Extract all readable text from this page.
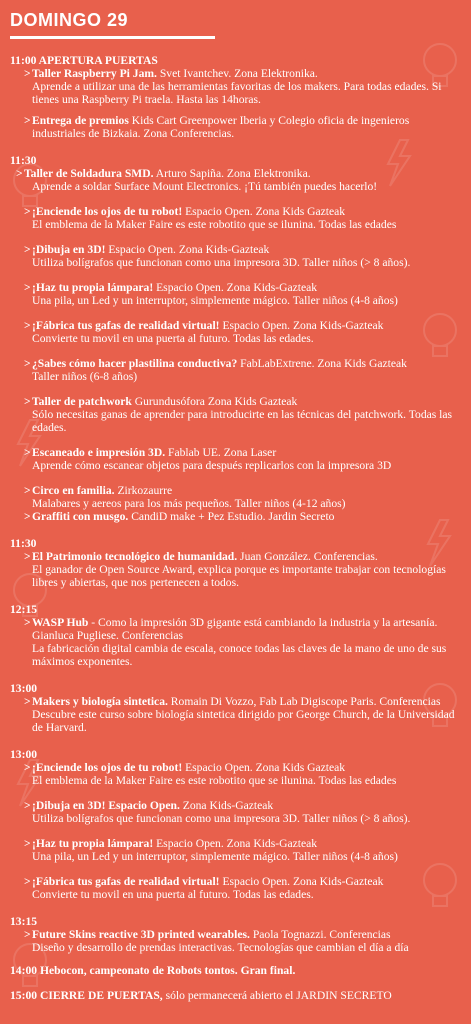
DOMINGO 29
11:00 APERTURA PUERTAS
> Taller Raspberry Pi Jam. Svet Ivantchev. Zona Elektronika.
Aprende a utilizar una de las herramientas favoritas de los makers. Para todas edades. Si tienes una Raspberry Pi traela. Hasta las 14horas.
> Entrega de premios Kids Cart Greenpower Iberia y Colegio oficia de ingenieros industriales de Bizkaia. Zona Conferencias.
11:30
> Taller de Soldadura SMD. Arturo Sapiña. Zona Elektronika.
Aprende a soldar Surface Mount Electronics. ¡Tú también puedes hacerlo!
> ¡Enciende los ojos de tu robot! Espacio Open. Zona Kids Gazteak
El emblema de la Maker Faire es este robotito que se ilunina. Todas las edades
> ¡Dibuja en 3D! Espacio Open. Zona Kids-Gazteak
Utiliza bolígrafos que funcionan como una impresora 3D. Taller niños (> 8 años).
> ¡Haz tu propia lámpara! Espacio Open. Zona Kids-Gazteak
Una pila, un Led y un interruptor, simplemente mágico. Taller niños (4-8 años)
> ¡Fábrica tus gafas de realidad virtual! Espacio Open. Zona Kids-Gazteak
Convierte tu movil en una puerta al futuro. Todas las edades.
> ¿Sabes cómo hacer plastilina conductiva? FabLabExtrene. Zona Kids Gazteak
Taller niños (6-8 años)
> Taller de patchwork Gurundusófora Zona Kids Gazteak
Sólo necesitas ganas de aprender para introducirte en las técnicas del patchwork. Todas las edades.
> Escaneado e impresión 3D. Fablab UE. Zona Laser
Aprende cómo escanear objetos para después replicarlos con la impresora 3D
> Circo en familia. Zirkozaurre
Malabares y aereos para los más pequeños. Taller niños (4-12 años)
> Graffiti con musgo. CandiD make + Pez Estudio. Jardin Secreto
11:30
> El Patrimonio tecnológico de humanidad. Juan González. Conferencias.
El ganador de Open Source Award, explica porque es importante trabajar con tecnologías libres y abiertas, que nos pertenecen a todos.
12:15
> WASP Hub - Como la impresión 3D gigante está cambiando la industria y la artesanía. Gianluca Pugliese. Conferencias
La fabricación digital cambia de escala, conoce todas las claves de la mano de uno de sus máximos exponentes.
13:00
> Makers y biología sintetica. Romain Di Vozzo, Fab Lab Digiscope Paris. Conferencias
Descubre este curso sobre biología sintetica dirigido por George Church, de la Universidad de Harvard.
13:00
> ¡Enciende los ojos de tu robot! Espacio Open. Zona Kids Gazteak
El emblema de la Maker Faire es este robotito que se ilunina. Todas las edades
> ¡Dibuja en 3D! Espacio Open. Zona Kids-Gazteak
Utiliza bolígrafos que funcionan como una impresora 3D. Taller niños (> 8 años).
> ¡Haz tu propia lámpara! Espacio Open. Zona Kids-Gazteak
Una pila, un Led y un interruptor, simplemente mágico. Taller niños (4-8 años)
> ¡Fábrica tus gafas de realidad virtual! Espacio Open. Zona Kids-Gazteak
Convierte tu movil en una puerta al futuro. Todas las edades.
13:15
> Future Skins reactive 3D printed wearables. Paola Tognazzi. Conferencias
Diseño y desarrollo de prendas interactivas. Tecnologías que cambian el día a día
14:00 Hebocon, campeonato de Robots tontos. Gran final.
15:00 CIERRE DE PUERTAS, sólo permanecerá abierto el JARDIN SECRETO
